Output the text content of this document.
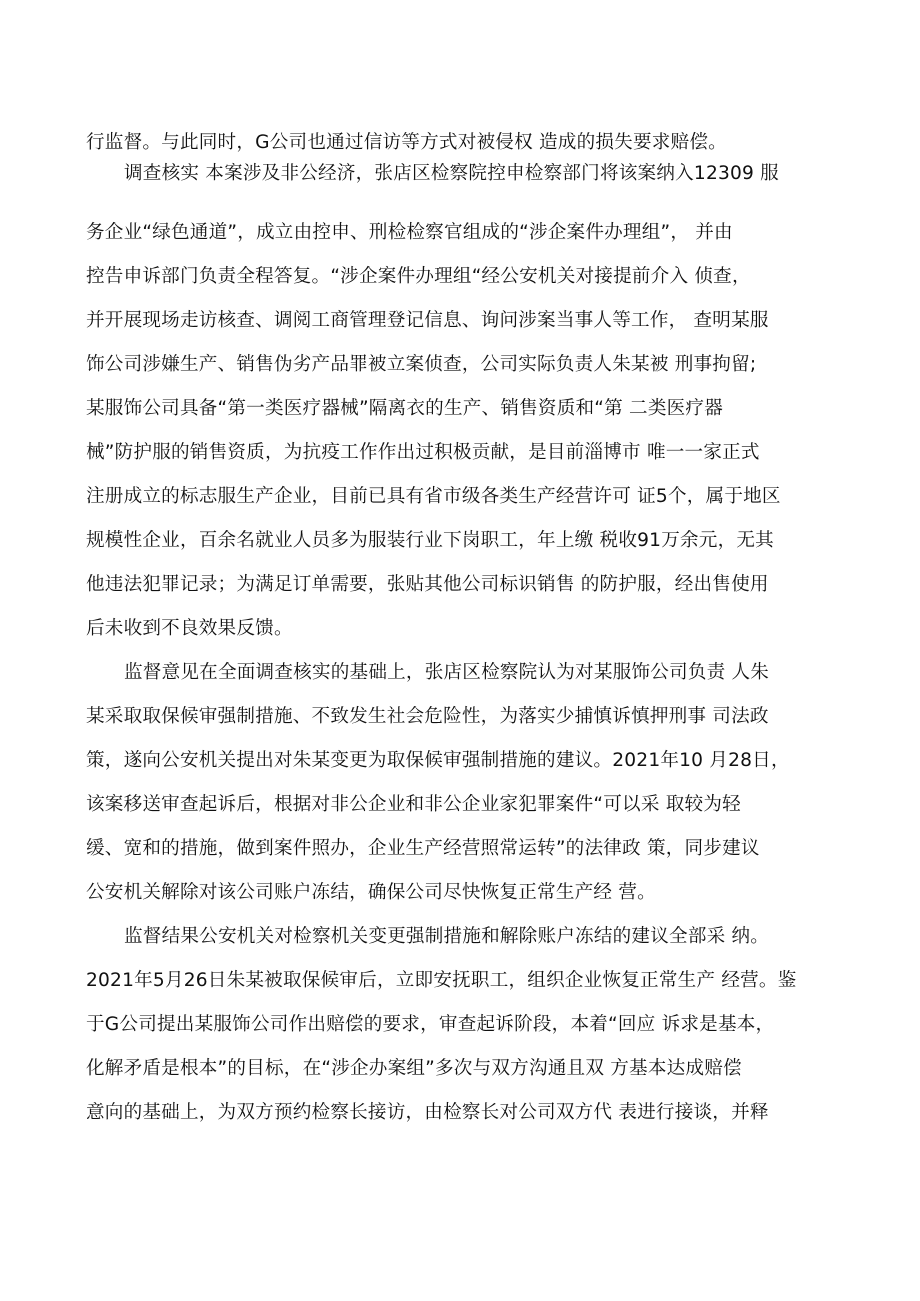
行监督。与此同时，G公司也通过信访等方式对被侵权 造成的损失要求赔偿。
调查核实 本案涉及非公经济，张店区检察院控申检察部门将该案纳入12309 服
务企业“绿色通道”，成立由控申、刑检检察官组成的“涉企案件办理组”， 并由
控告申诉部门负责全程答复。“涉企案件办理组“经公安机关对接提前介入 侦查，
并开展现场走访核查、调阅工商管理登记信息、询问涉案当事人等工作， 查明某服
饰公司涉嫌生产、销售伪劣产品罪被立案侦查，公司实际负责人朱某被 刑事拘留;
某服饰公司具备“第一类医疗器械”隔离衣的生产、销售资质和“第 二类医疗器
械”防护服的销售资质，为抗疫工作作出过积极贡献，是目前淄博市 唯一一家正式
注册成立的标志服生产企业，目前已具有省市级各类生产经营许可 证5个，属于地区
规模性企业，百余名就业人员多为服装行业下岗职工，年上缴 税收91万余元，无其
他违法犯罪记录；为满足订单需要，张贴其他公司标识销售 的防护服，经出售使用
后未收到不良效果反馈。
监督意见在全面调查核实的基础上，张店区检察院认为对某服饰公司负责 人朱
某采取取保候审强制措施、不致发生社会危险性，为落实少捕慎诉慎押刑事 司法政
策，遂向公安机关提出对朱某变更为取保候审强制措施的建议。2021年10 月28日，
该案移送审查起诉后，根据对非公企业和非公企业家犯罪案件“可以采 取较为轻
缓、宽和的措施，做到案件照办，企业生产经营照常运转”的法律政 策，同步建议
公安机关解除对该公司账户冻结，确保公司尽快恢复正常生产经 营。
监督结果公安机关对检察机关变更强制措施和解除账户冻结的建议全部采 纳。
2021年5月26日朱某被取保候审后，立即安抚职工，组织企业恢复正常生产 经营。鉴
于G公司提出某服饰公司作出赔偿的要求，审查起诉阶段，本着“回应 诉求是基本，
化解矛盾是根本”的目标，在“涉企办案组”多次与双方沟通且双 方基本达成赔偿
意向的基础上，为双方预约检察长接访，由检察长对公司双方代 表进行接谈，并释
